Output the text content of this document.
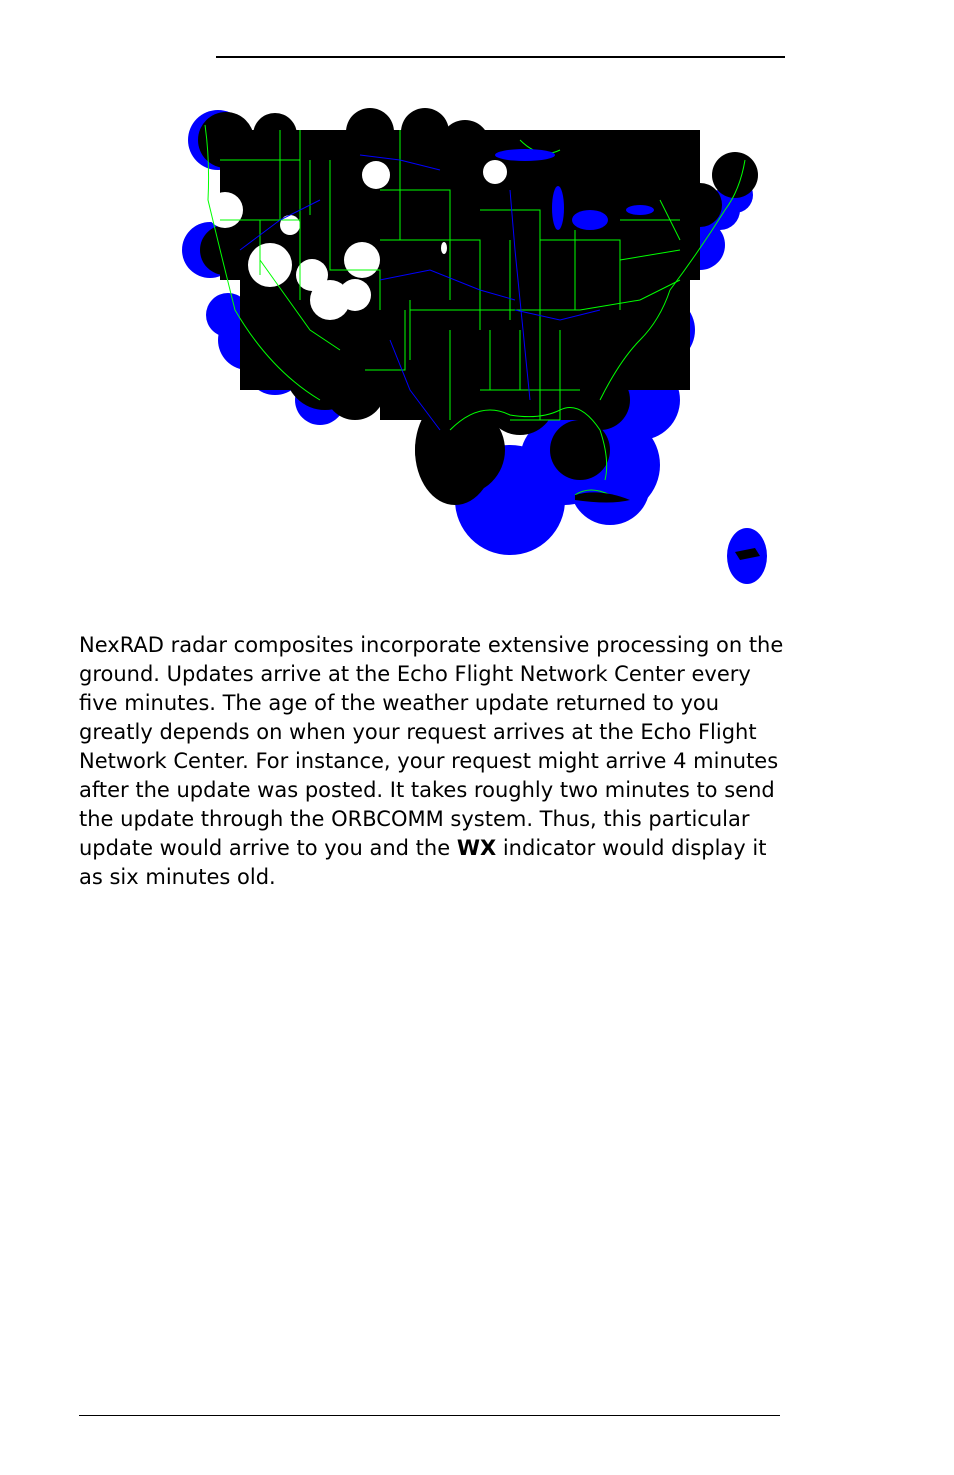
NexRAD radar composites incorporate extensive processing on the ground. Updates arrive at the Echo Flight Network Center every five minutes. The age of the weather update returned to you greatly depends on when your request arrives at the Echo Flight Network Center. For instance, your request might arrive 4 minutes after the update was posted. It takes roughly two minutes to send the update through the ORBCOMM system. Thus, this particular update would arrive to you and the WX indicator would display it as six minutes old.
